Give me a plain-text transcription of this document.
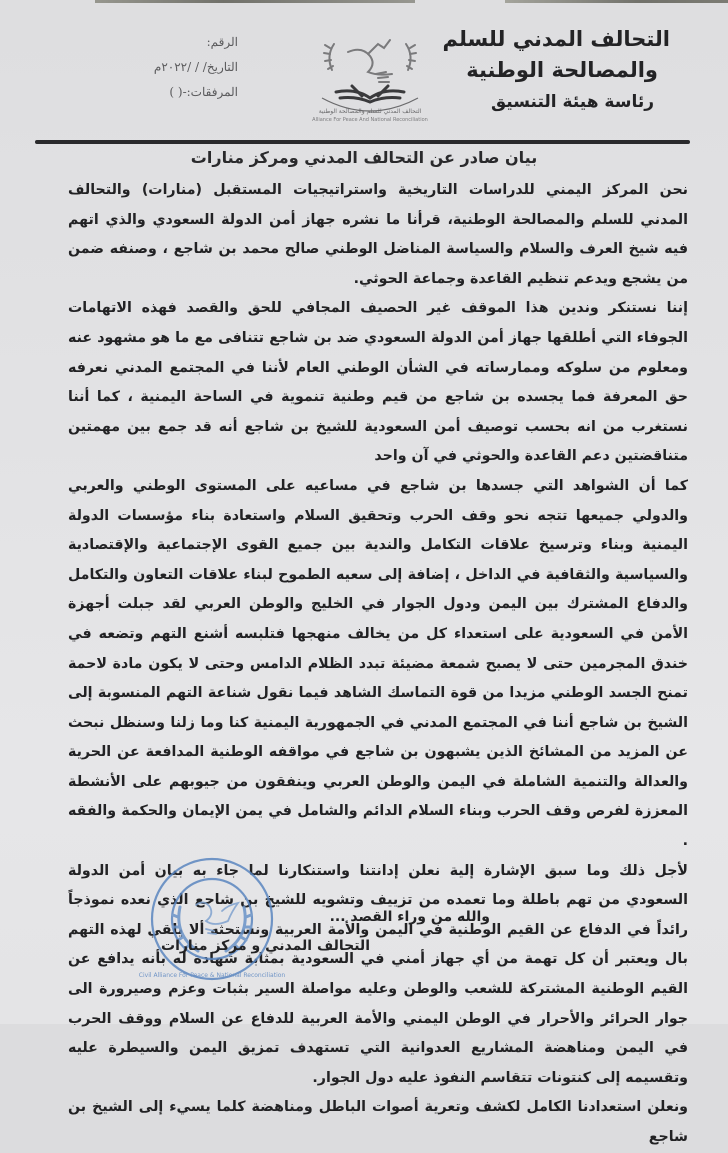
التحالف المدني للسلم
والمصالحة الوطنية
رئاسة هيئة التنسيق
التحالف المدني للسلم والمصالحة الوطنية
Alliance For Peace And National Reconciliation
الرقم:
التاريخ/ / /٢٠٢٢م
المرفقات:-( )
بيان صادر عن التحالف المدني ومركز منارات

نحن المركز اليمني للدراسات التاريخية واستراتيجيات المستقبل (منارات) والتحالف المدني للسلم والمصالحة الوطنية، قرأنا ما نشره جهاز أمن الدولة السعودي والذي اتهم فيه شيخ العرف والسلام والسياسة المناضل الوطني صالح محمد بن شاجع ، وصنفه ضمن من يشجع ويدعم تنظيم القاعدة وجماعة الحوثي.

إننا نستنكر وندين هذا الموقف غير الحصيف المجافي للحق والقصد فهذه الاتهامات الجوفاء التي أطلقها جهاز أمن الدولة السعودي ضد بن شاجع تتنافى مع ما هو مشهود عنه ومعلوم من سلوكه وممارساته في الشأن الوطني العام لأننا في المجتمع المدني نعرفه حق المعرفة فما يجسده بن شاجع من قيم وطنية تنموية في الساحة اليمنية ، كما أننا نستغرب من انه بحسب توصيف أمن السعودية للشيخ بن شاجع أنه قد جمع بين مهمتين متناقضتين دعم القاعدة والحوثي في آن واحد

كما أن الشواهد التي جسدها بن شاجع في مساعيه على المستوى الوطني والعربي والدولي جميعها تتجه نحو وقف الحرب وتحقيق السلام واستعادة بناء مؤسسات الدولة اليمنية وبناء وترسيخ علاقات التكامل والندية بين جميع القوى الإجتماعية والإقتصادية والسياسية والثقافية في الداخل ، إضافة إلى سعيه الطموح لبناء علاقات التعاون والتكامل والدفاع المشترك بين اليمن ودول الجوار في الخليج والوطن العربي لقد جبلت أجهزة الأمن في السعودية على استعداء كل من يخالف منهجها فتلبسه أشنع التهم وتضعه في خندق المجرمين حتى لا يصبح شمعة مضيئة تبدد الظلام الدامس وحتى لا يكون مادة لاحمة تمنح الجسد الوطني مزيدا من قوة التماسك الشاهد فيما نقول شناعة التهم المنسوبة إلى الشيخ بن شاجع أننا في المجتمع المدني في الجمهورية اليمنية كنا وما زلنا وسنظل نبحث عن المزيد من المشائخ الذين يشبهون بن شاجع في مواقفه الوطنية المدافعة عن الحرية والعدالة والتنمية الشاملة في اليمن والوطن العربي وينفقون من جيوبهم على الأنشطة المعززة لفرص وقف الحرب وبناء السلام الدائم والشامل في يمن الإيمان والحكمة والفقه .

لأجل ذلك وما سبق الإشارة إلية نعلن إدانتنا واستنكارنا لما جاء به بيان أمن الدولة السعودي من تهم باطلة وما تعمده من تزييف وتشويه للشيخ بن شاجع الذي نعده نموذجاً رائداً في الدفاع عن القيم الوطنية في اليمن والأمة العربية ونستحثه ألا يلقي لهذه التهم بال ويعتبر أن كل تهمة من أي جهاز أمني في السعودية بمثابة شهادة له بأنه يدافع عن القيم الوطنية المشتركة للشعب والوطن وعليه مواصلة السير بثبات وعزم وصيرورة الى جوار الحرائر والأحرار في الوطن اليمني والأمة العربية للدفاع عن السلام ووقف الحرب في اليمن ومناهضة المشاريع العدوانية التي تستهدف تمزيق اليمن والسيطرة عليه وتقسيمه إلى كنتونات تتقاسم النفوذ عليه دول الجوار.

ونعلن استعدادنا الكامل لكشف وتعرية أصوات الباطل ومناهضة كلما يسيء إلى الشيخ بن شاجع

والله من وراء القصد ...
Civil Alliance For Peace & National Reconciliation
التحالف المدني و مركز منارات
